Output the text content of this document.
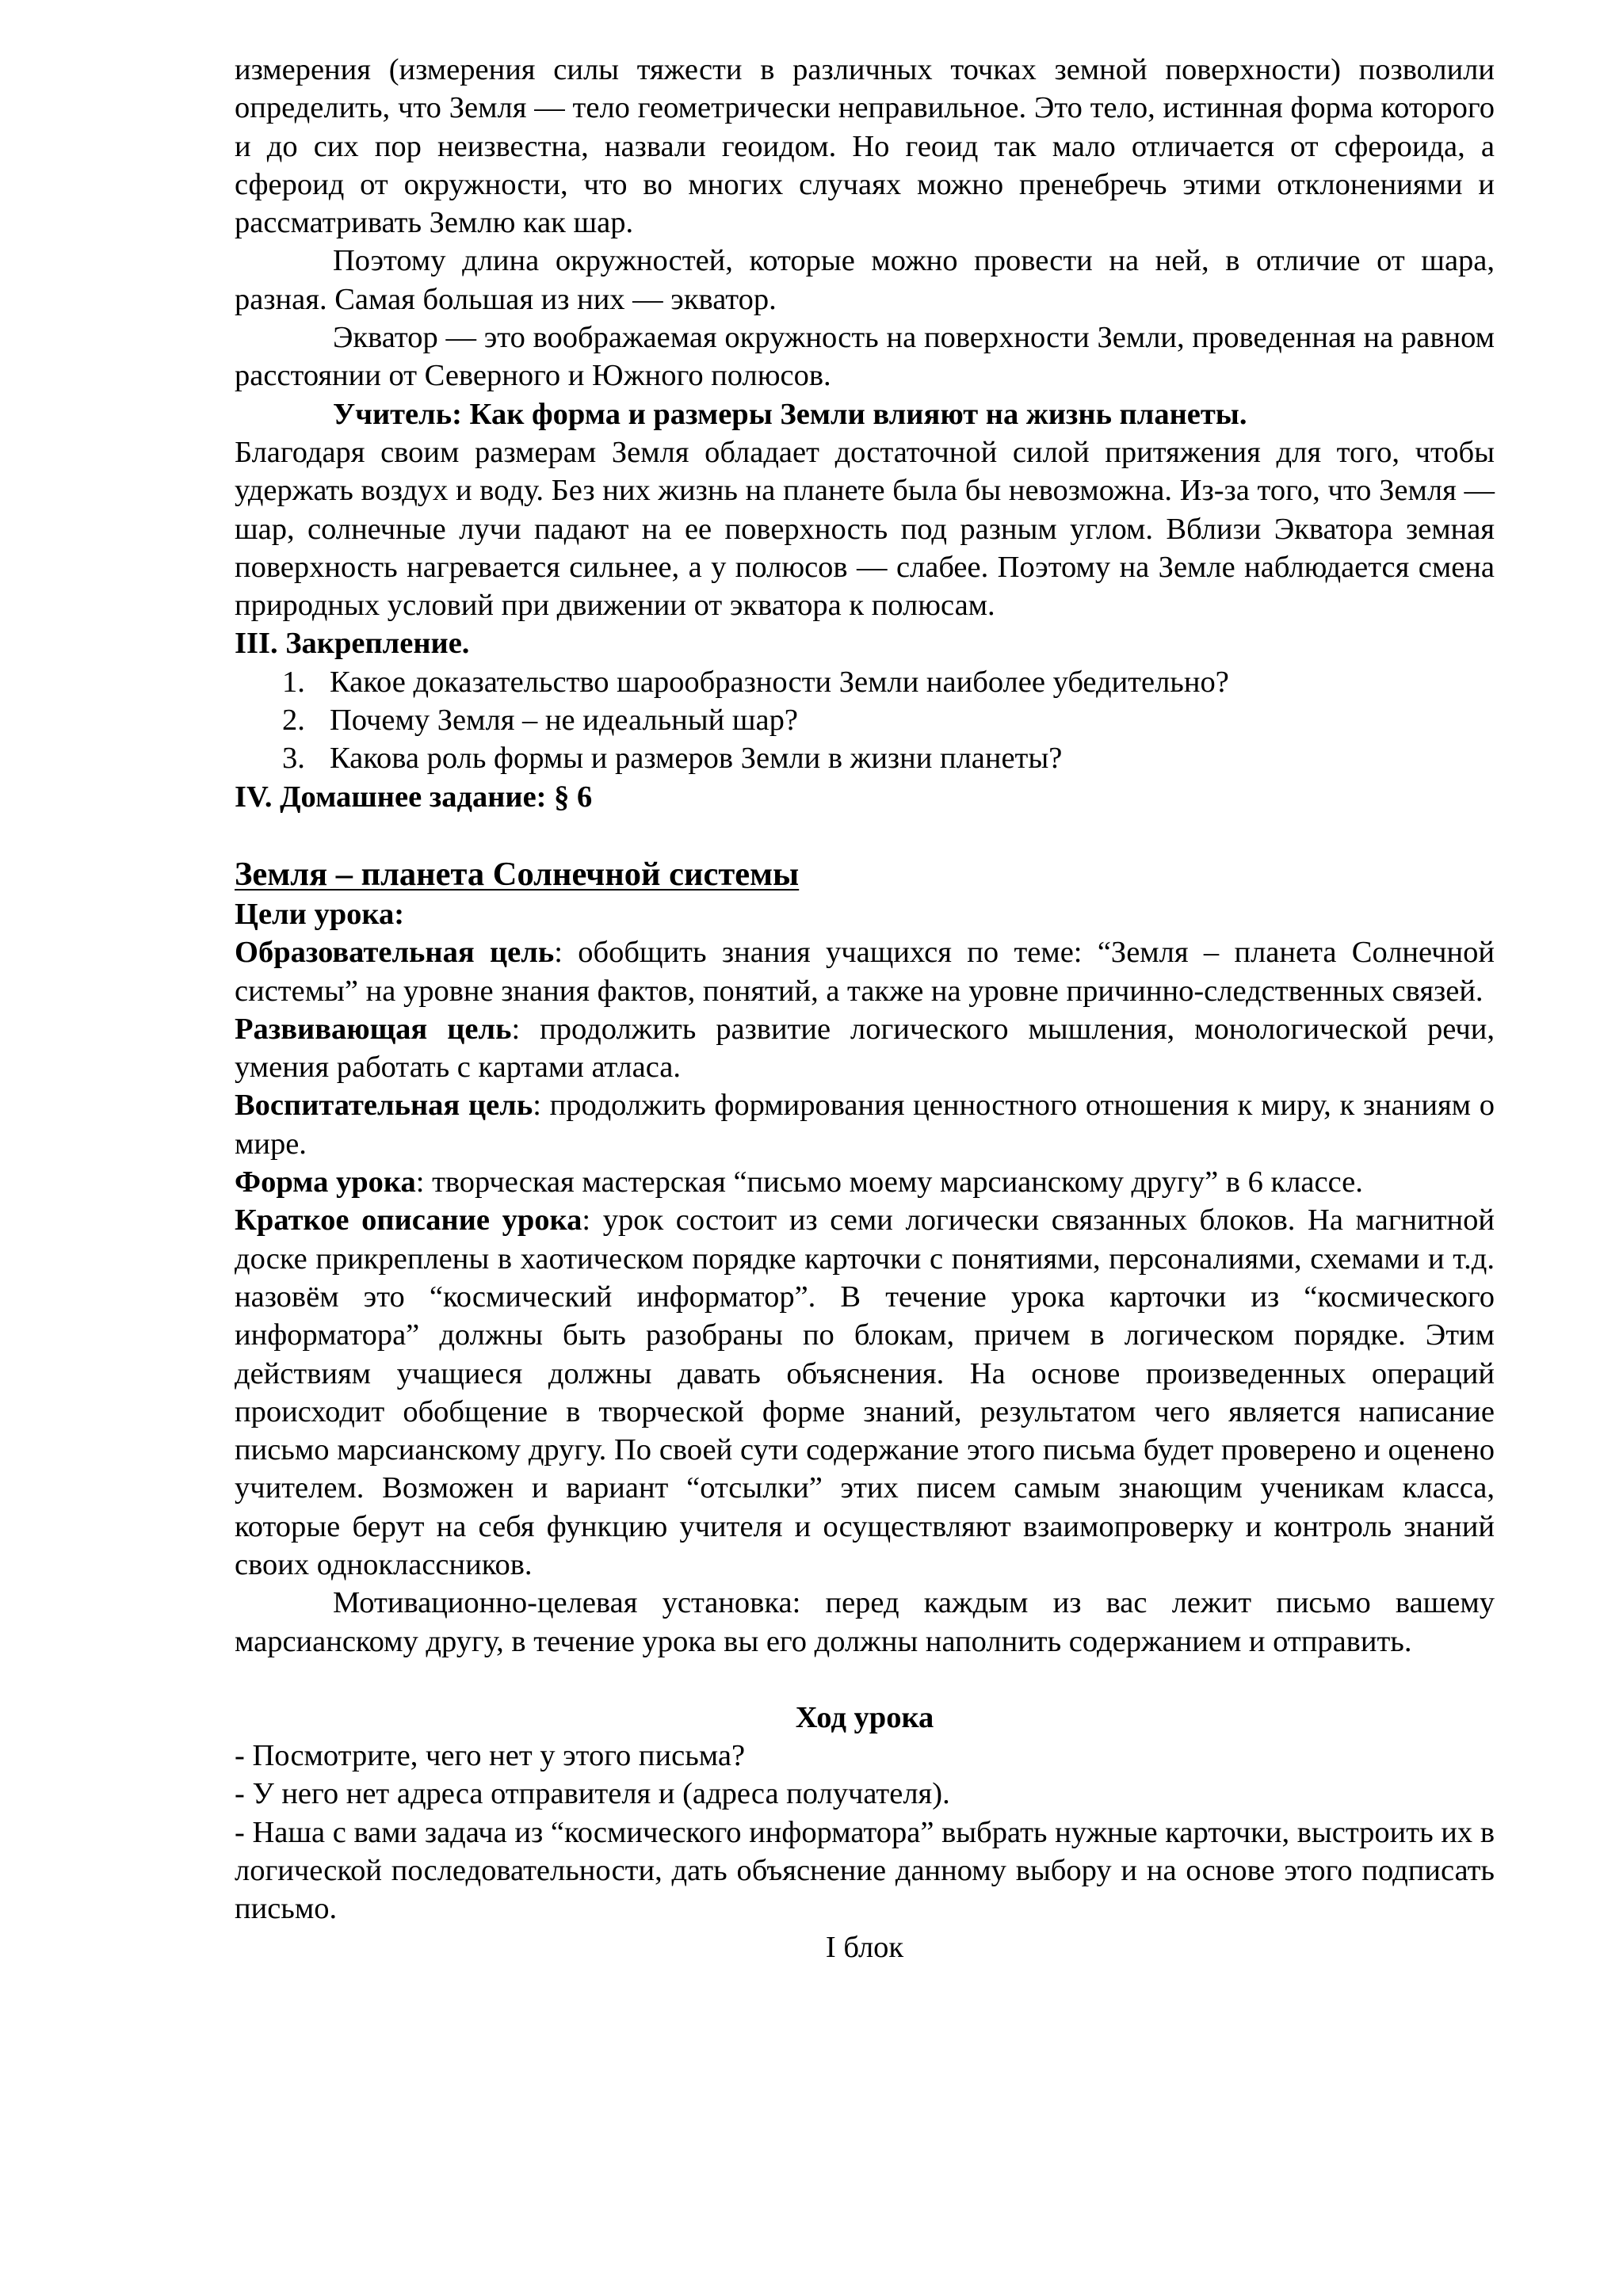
измерения (измерения силы тяжести в различных точках земной поверхности) позволили определить, что Земля — тело геометрически неправильное. Это тело, истинная форма которого и до сих пор неизвестна, назвали геоидом. Но геоид так мало отличается от сфероида, а сфероид от окружности, что во многих случаях можно пренебречь этими отклонениями и рассматривать Землю как шар.

Поэтому длина окружностей, которые можно провести на ней, в отличие от шара, разная. Самая большая из них — экватор.

Экватор — это воображаемая окружность на поверхности Земли, проведенная на равном расстоянии от Северного и Южного полюсов.

Учитель: Как форма и размеры Земли влияют на жизнь планеты.

Благодаря своим размерам Земля обладает достаточной силой притяжения для того, чтобы удержать воздух и воду. Без них жизнь на планете была бы невозможна. Из-за того, что Земля — шар, солнечные лучи падают на ее поверхность под разным углом. Вблизи Экватора земная поверхность нагревается сильнее, а у полюсов — слабее. Поэтому на Земле наблюдается смена природных условий при движении от экватора к полюсам.

III. Закрепление.

1. Какое доказательство шарообразности Земли наиболее убедительно?
2. Почему Земля – не идеальный шар?
3. Какова роль формы и размеров Земли в жизни планеты?

IV. Домашнее задание: § 6

Земля – планета Солнечной системы

Цели урока:

Образовательная цель: обобщить знания учащихся по теме: “Земля – планета Солнечной системы” на уровне знания фактов, понятий, а также на уровне причинно-следственных связей.

Развивающая цель: продолжить развитие логического мышления, монологической речи, умения работать с картами атласа.

Воспитательная цель: продолжить формирования ценностного отношения к миру, к знаниям о мире.

Форма урока: творческая мастерская “письмо моему марсианскому другу” в 6 классе.

Краткое описание урока: урок состоит из семи логически связанных блоков. На магнитной доске прикреплены в хаотическом порядке карточки с понятиями, персоналиями, схемами и т.д. назовём это “космический информатор”. В течение урока карточки из “космического информатора” должны быть разобраны по блокам, причем в логическом порядке. Этим действиям учащиеся должны давать объяснения. На основе произведенных операций происходит обобщение в творческой форме знаний, результатом чего является написание письмо марсианскому другу. По своей сути содержание этого письма будет проверено и оценено учителем. Возможен и вариант “отсылки” этих писем самым знающим ученикам класса, которые берут на себя функцию учителя и осуществляют взаимопроверку и контроль знаний своих одноклассников.

Мотивационно-целевая установка: перед каждым из вас лежит письмо вашему марсианскому другу, в течение урока вы его должны наполнить содержанием и отправить.

Ход урока

- Посмотрите, чего нет у этого письма?

- У него нет адреса отправителя и (адреса получателя).

- Наша с вами задача из “космического информатора” выбрать нужные карточки, выстроить их в логической последовательности, дать объяснение данному выбору и на основе этого подписать письмо.

I блок
